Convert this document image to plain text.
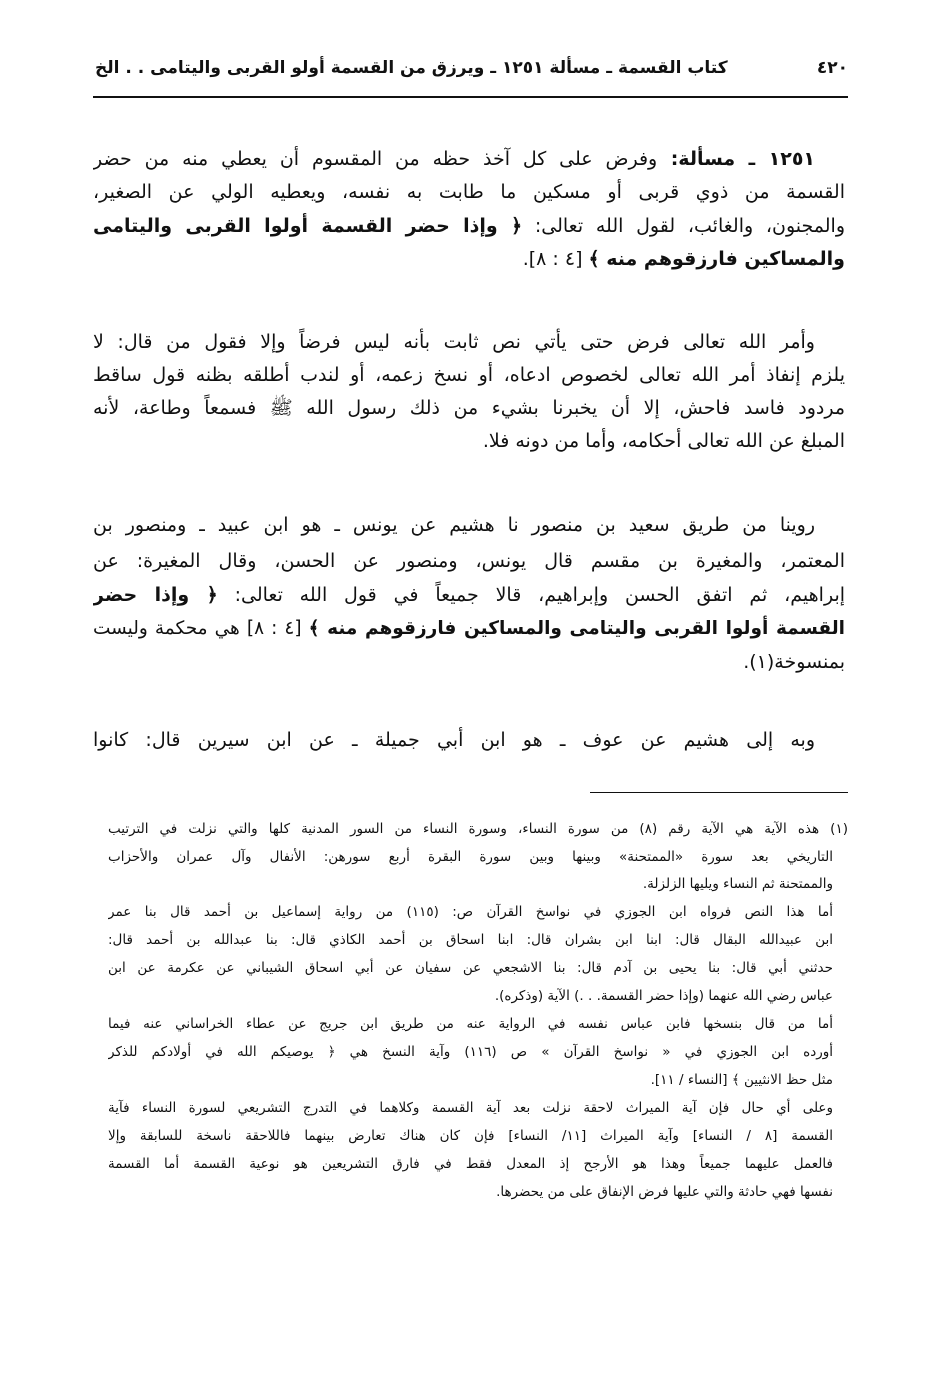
٤٢٠
كتاب القسمة ـ مسألة ١٢٥١ ـ ويرزق من القسمة أولو القربى واليتامى . . الخ
١٢٥١ ـ مسألة: وفرض على كل آخذ حظه من المقسوم أن يعطي منه من حضر
القسمة من ذوي قربى أو مسكين ما طابت به نفسه، ويعطيه الولي عن الصغير،
والمجنون، والغائب، لقول الله تعالى: ﴿ وإذا حضر القسمة أولوا القربى واليتامى
والمساكين فارزقوهم منه ﴾ [٤ : ٨].
وأمر الله تعالى فرض حتى يأتي نص ثابت بأنه ليس فرضاً وإلا فقول من قال: لا
يلزم إنفاذ أمر الله تعالى لخصوص ادعاه، أو نسخ زعمه، أو لندب أطلقه بظنه قول ساقط
مردود فاسد فاحش، إلا أن يخبرنا بشيء من ذلك رسول الله ﷺ فسمعاً وطاعة، لأنه
المبلغ عن الله تعالى أحكامه، وأما من دونه فلا.
روينا من طريق سعيد بن منصور نا هشيم عن يونس ـ هو ابن عبيد ـ ومنصور بن
المعتمر، والمغيرة بن مقسم قال يونس، ومنصور عن الحسن، وقال المغيرة: عن
إبراهيم، ثم اتفق الحسن وإبراهيم، قالا جميعاً في قول الله تعالى: ﴿ وإذا حضر
القسمة أولوا القربى واليتامى والمساكين فارزقوهم منه ﴾ [٤ : ٨] هي محكمة وليست
بمنسوخة(١).
وبه إلى هشيم عن عوف ـ هو ابن أبي جميلة ـ عن ابن سيرين قال: كانوا
(١) هذه الآية هي الآية رقم (٨) من سورة النساء، وسورة النساء من السور المدنية كلها والتي نزلت في الترتيب
التاريخي بعد سورة «الممتحنة» وبينها وبين سورة البقرة أربع سورهن: الأنفال وآل عمران والأحزاب
والممتحنة ثم النساء ويليها الزلزلة.
أما هذا النص فرواه ابن الجوزي في نواسخ القرآن ص: (١١٥) من رواية إسماعيل بن أحمد قال بنا عمر
ابن عبيدالله البقال قال: ابنا ابن بشران قال: ابنا اسحاق بن أحمد الكاذي قال: بنا عبدالله بن أحمد قال:
حدثني أبي قال: بنا يحيى بن آدم قال: بنا الاشجعي عن سفيان عن أبي اسحاق الشيباني عن عكرمة عن ابن
عباس رضي الله عنهما (وإذا حضر القسمة. . .) الآية (وذكره).
أما من قال بنسخها فابن عباس نفسه في الرواية عنه من طريق ابن جريج عن عطاء الخراساني عنه فيما
أورده ابن الجوزي في « نواسخ القرآن » ص (١١٦) وآية النسخ هي ﴿ يوصيكم الله في أولادكم للذكر
مثل حظ الانثيين ﴾ [النساء / ١١].
وعلى أي حال فإن آية الميراث لاحقة نزلت بعد آية القسمة وكلاهما في التدرج التشريعي لسورة النساء فآية
القسمة [٨ / النساء] وآية الميراث [١١/ النساء] فإن كان هناك تعارض بينهما فاللاحقة ناسخة للسابقة وإلا
فالعمل عليهما جميعاً وهذا هو الأرجح إذ المعدل فقط في فارق التشريعين هو نوعية القسمة أما القسمة
نفسها فهي حادثة والتي عليها فرض الإنفاق على من يحضرها.
